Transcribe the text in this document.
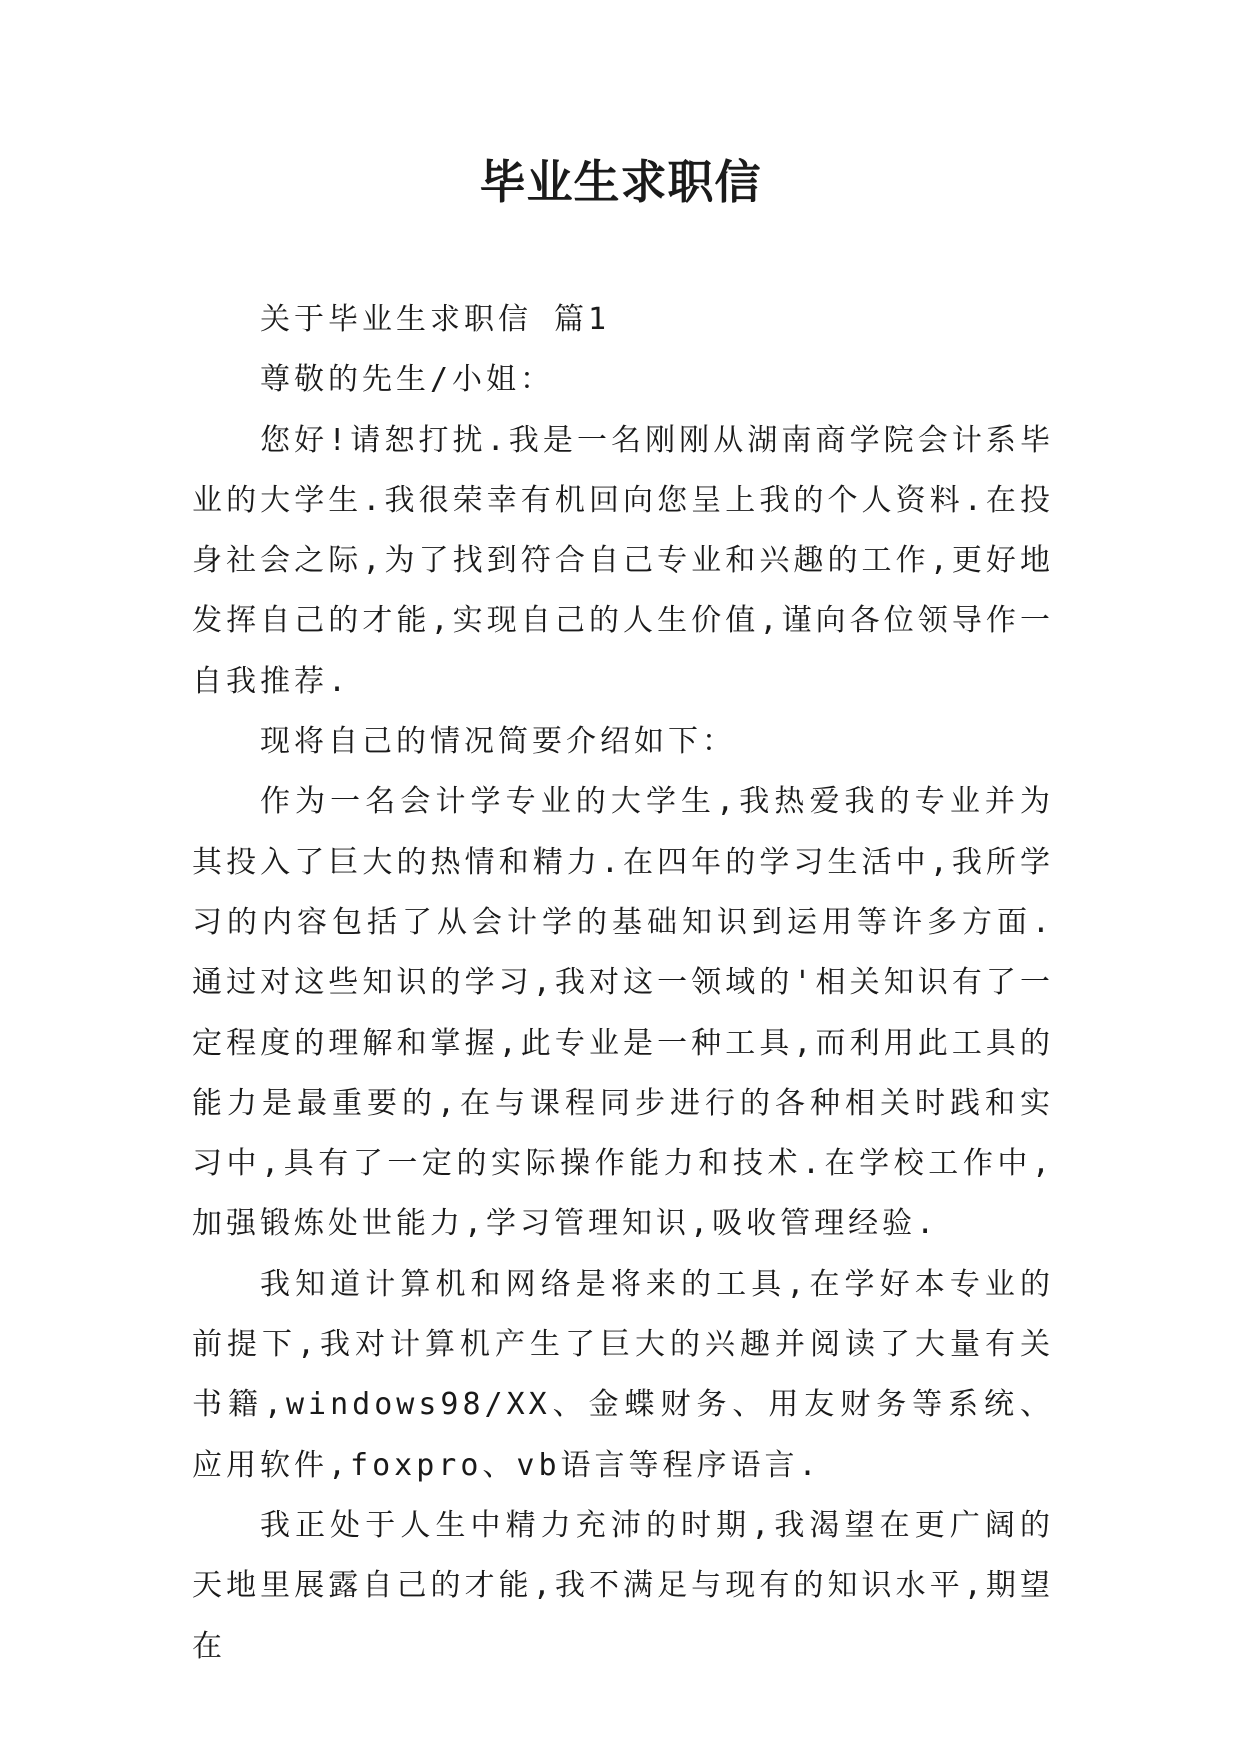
毕业生求职信

关于毕业生求职信 篇1

尊敬的先生/小姐：

您好!请恕打扰.我是一名刚刚从湖南商学院会计系毕业的大学生.我很荣幸有机回向您呈上我的个人资料.在投身社会之际,为了找到符合自己专业和兴趣的工作,更好地发挥自己的才能,实现自己的人生价值,谨向各位领导作一自我推荐.

现将自己的情况简要介绍如下：

作为一名会计学专业的大学生,我热爱我的专业并为其投入了巨大的热情和精力.在四年的学习生活中,我所学习的内容包括了从会计学的基础知识到运用等许多方面.通过对这些知识的学习,我对这一领域的'相关知识有了一定程度的理解和掌握,此专业是一种工具,而利用此工具的能力是最重要的,在与课程同步进行的各种相关时践和实习中,具有了一定的实际操作能力和技术.在学校工作中,加强锻炼处世能力,学习管理知识,吸收管理经验.

我知道计算机和网络是将来的工具,在学好本专业的前提下,我对计算机产生了巨大的兴趣并阅读了大量有关书籍,windows98/XX、金蝶财务、用友财务等系统、应用软件,foxpro、vb语言等程序语言.

我正处于人生中精力充沛的时期,我渴望在更广阔的天地里展露自己的才能,我不满足与现有的知识水平,期望在
